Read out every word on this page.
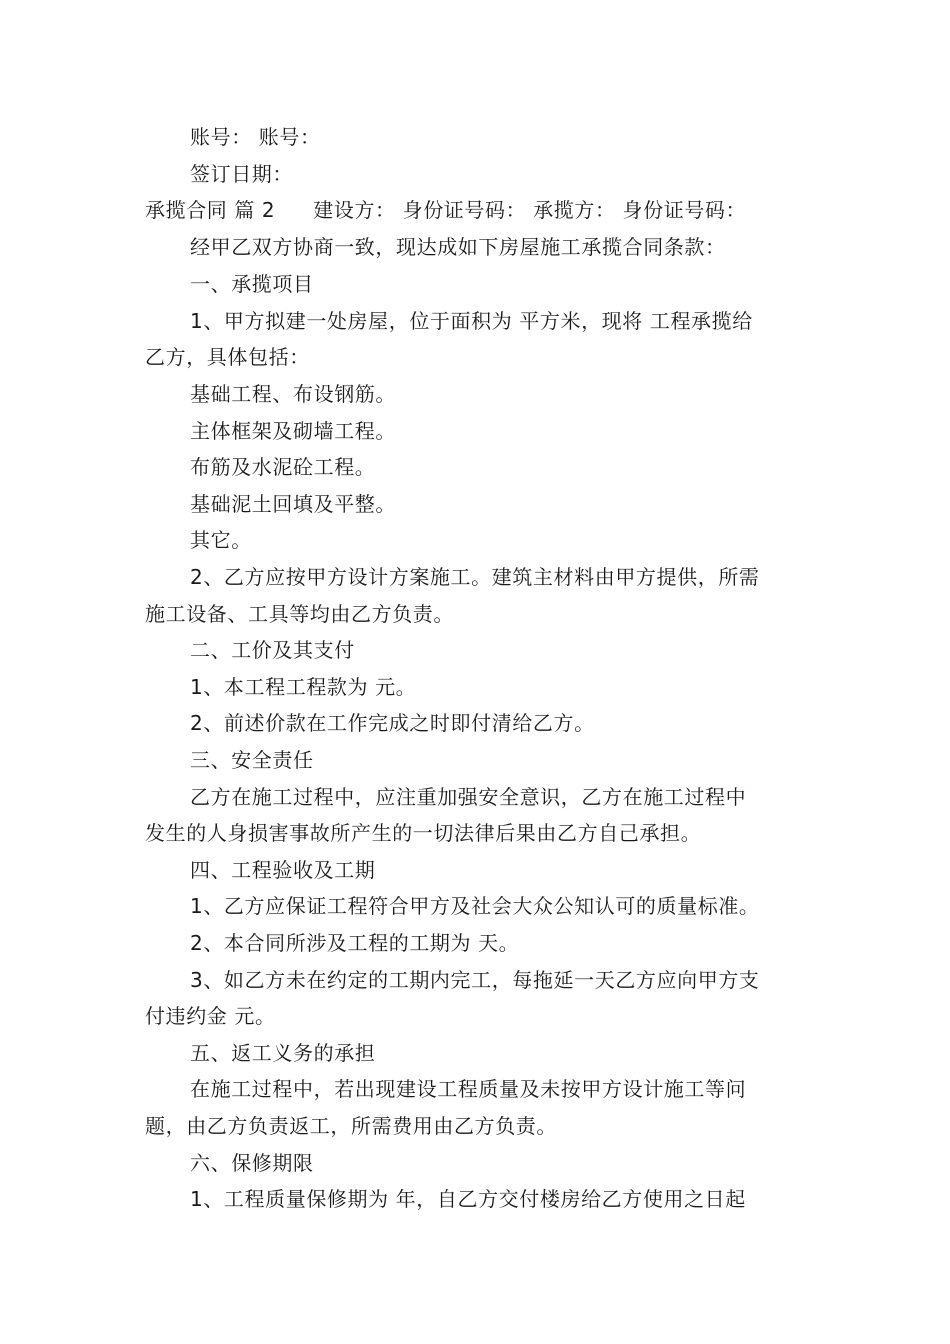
账号： 账号：
签订日期：
承揽合同 篇 2 建设方： 身份证号码： 承揽方： 身份证号码：
经甲乙双方协商一致，现达成如下房屋施工承揽合同条款：
一、承揽项目
1、甲方拟建一处房屋，位于面积为 平方米，现将 工程承揽给
乙方，具体包括：
基础工程、布设钢筋。
主体框架及砌墙工程。
布筋及水泥砼工程。
基础泥土回填及平整。
其它。
2、乙方应按甲方设计方案施工。建筑主材料由甲方提供，所需
施工设备、工具等均由乙方负责。
二、工价及其支付
1、本工程工程款为 元。
2、前述价款在工作完成之时即付清给乙方。
三、安全责任
乙方在施工过程中，应注重加强安全意识，乙方在施工过程中
发生的人身损害事故所产生的一切法律后果由乙方自己承担。
四、工程验收及工期
1、乙方应保证工程符合甲方及社会大众公知认可的质量标准。
2、本合同所涉及工程的工期为 天。
3、如乙方未在约定的工期内完工，每拖延一天乙方应向甲方支
付违约金 元。
五、返工义务的承担
在施工过程中，若出现建设工程质量及未按甲方设计施工等问
题，由乙方负责返工，所需费用由乙方负责。
六、保修期限
1、工程质量保修期为 年，自乙方交付楼房给乙方使用之日起
